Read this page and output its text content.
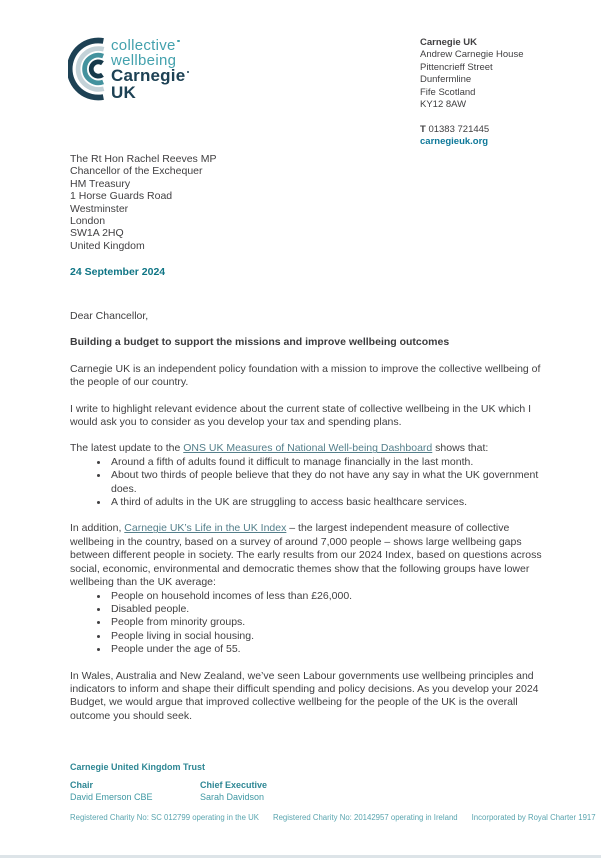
collective
wellbeing
Carnegie
UK
Carnegie UK
Andrew Carnegie House
Pittencrieff Street
Dunfermline
Fife Scotland
KY12 8AW
T 01383 721445
carnegieuk.org
The Rt Hon Rachel Reeves MP
Chancellor of the Exchequer
HM Treasury
1 Horse Guards Road
Westminster
London
SW1A 2HQ
United Kingdom
24 September 2024

Dear Chancellor,

Building a budget to support the missions and improve wellbeing outcomes

Carnegie UK is an independent policy foundation with a mission to improve the collective wellbeing of the people of our country.

I write to highlight relevant evidence about the current state of collective wellbeing in the UK which I would ask you to consider as you develop your tax and spending plans.

The latest update to the ONS UK Measures of National Well-being Dashboard shows that:

• Around a fifth of adults found it difficult to manage financially in the last month.
• About two thirds of people believe that they do not have any say in what the UK government does.
• A third of adults in the UK are struggling to access basic healthcare services.

In addition, Carnegie UK’s Life in the UK Index – the largest independent measure of collective wellbeing in the country, based on a survey of around 7,000 people – shows large wellbeing gaps between different people in society. The early results from our 2024 Index, based on questions across social, economic, environmental and democratic themes show that the following groups have lower wellbeing than the UK average:

• People on household incomes of less than £26,000.
• Disabled people.
• People from minority groups.
• People living in social housing.
• People under the age of 55.

In Wales, Australia and New Zealand, we’ve seen Labour governments use wellbeing principles and indicators to inform and shape their difficult spending and policy decisions. As you develop your 2024 Budget, we would argue that improved collective wellbeing for the people of the UK is the overall outcome you should seek.

Carnegie United Kingdom Trust
Chair
David Emerson CBE
Chief Executive
Sarah Davidson
Registered Charity No: SC 012799 operating in the UK Registered Charity No: 20142957 operating in Ireland Incorporated by Royal Charter 1917
